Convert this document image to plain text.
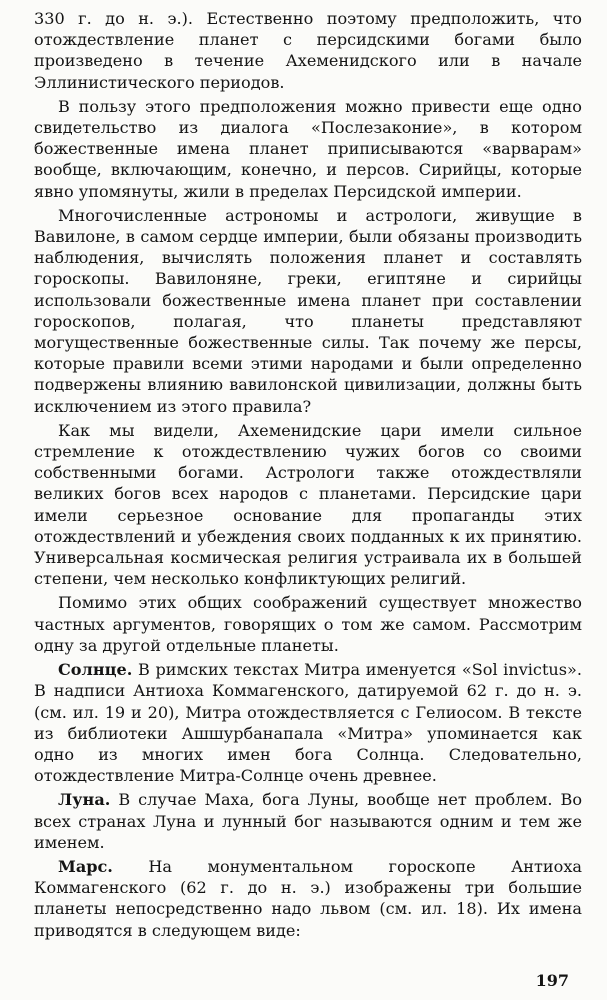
330 г. до н. э.). Естественно поэтому предположить, что отождествление планет с персидскими богами было произведено в течение Ахеменидского или в начале Эллинистического периодов.

В пользу этого предположения можно привести еще одно свидетельство из диалога «Послезаконие», в котором божественные имена планет приписываются «варварам» вообще, включающим, конечно, и персов. Сирийцы, которые явно упомянуты, жили в пределах Персидской империи.

Многочисленные астрономы и астрологи, живущие в Вавилоне, в самом сердце империи, были обязаны производить наблюдения, вычислять положения планет и составлять гороскопы. Вавилоняне, греки, египтяне и сирийцы использовали божественные имена планет при составлении гороскопов, полагая, что планеты представляют могущественные божественные силы. Так почему же персы, которые правили всеми этими народами и были определенно подвержены влиянию вавилонской цивилизации, должны быть исключением из этого правила?

Как мы видели, Ахеменидские цари имели сильное стремление к отождествлению чужих богов со своими собственными богами. Астрологи также отождествляли великих богов всех народов с планетами. Персидские цари имели серьезное основание для пропаганды этих отождествлений и убеждения своих подданных к их принятию. Универсальная космическая религия устраивала их в большей степени, чем несколько конфликтующих религий.

Помимо этих общих соображений существует множество частных аргументов, говорящих о том же самом. Рассмотрим одну за другой отдельные планеты.

Солнце. В римских текстах Митра именуется «Sol invictus». В надписи Антиоха Коммагенского, датируемой 62 г. до н. э. (см. ил. 19 и 20), Митра отождествляется с Гелиосом. В тексте из библиотеки Ашшурбанапала «Митра» упоминается как одно из многих имен бога Солнца. Следовательно, отождествление Митра-Солнце очень древнее.

Луна. В случае Маха, бога Луны, вообще нет проблем. Во всех странах Луна и лунный бог называются одним и тем же именем.

Марс. На монументальном гороскопе Антиоха Коммагенского (62 г. до н. э.) изображены три большие планеты непосредственно надо львом (см. ил. 18). Их имена приводятся в следующем виде:

197
